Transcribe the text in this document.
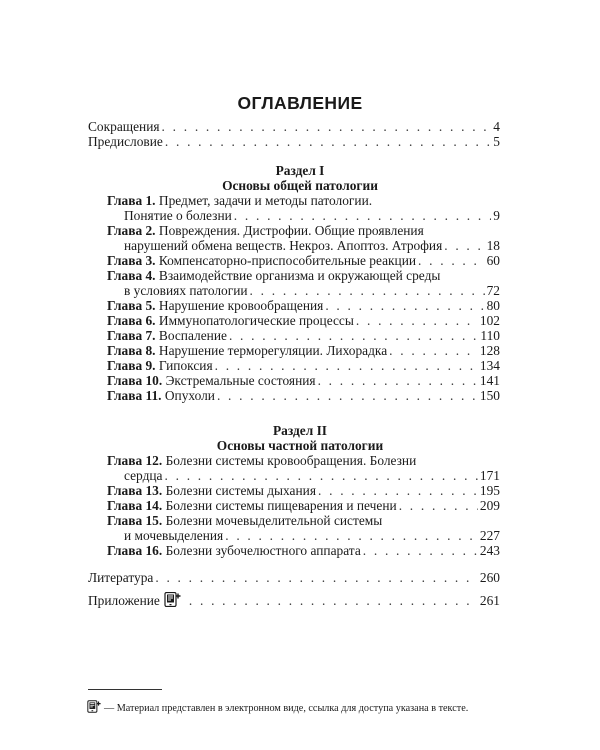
ОГЛАВЛЕНИЕ
Сокращения . . .	4
Предисловие . . .	5
Раздел I
Основы общей патологии
Глава 1. Предмет, задачи и методы патологии.
Понятие о болезни . . .	9
Глава 2. Повреждения. Дистрофии. Общие проявления
нарушений обмена веществ. Некроз. Апоптоз. Атрофия . . .	18
Глава 3. Компенсаторно-приспособительные реакции . . .	60
Глава 4. Взаимодействие организма и окружающей среды
в условиях патологии . . .	72
Глава 5. Нарушение кровообращения . . .	80
Глава 6. Иммунопатологические процессы . . .	102
Глава 7. Воспаление . . .	110
Глава 8. Нарушение терморегуляции. Лихорадка . . .	128
Глава 9. Гипоксия . . .	134
Глава 10. Экстремальные состояния . . .	141
Глава 11. Опухоли . . .	150
Раздел II
Основы частной патологии
Глава 12. Болезни системы кровообращения. Болезни
сердца . . .	171
Глава 13. Болезни системы дыхания . . .	195
Глава 14. Болезни системы пищеварения и печени . . .	209
Глава 15. Болезни мочевыделительной системы
и мочевыделения . . .	227
Глава 16. Болезни зубочелюстного аппарата . . .	243
Литература . . .	260
Приложение . . .	261
— Материал представлен в электронном виде, ссылка для доступа указана в тексте.
